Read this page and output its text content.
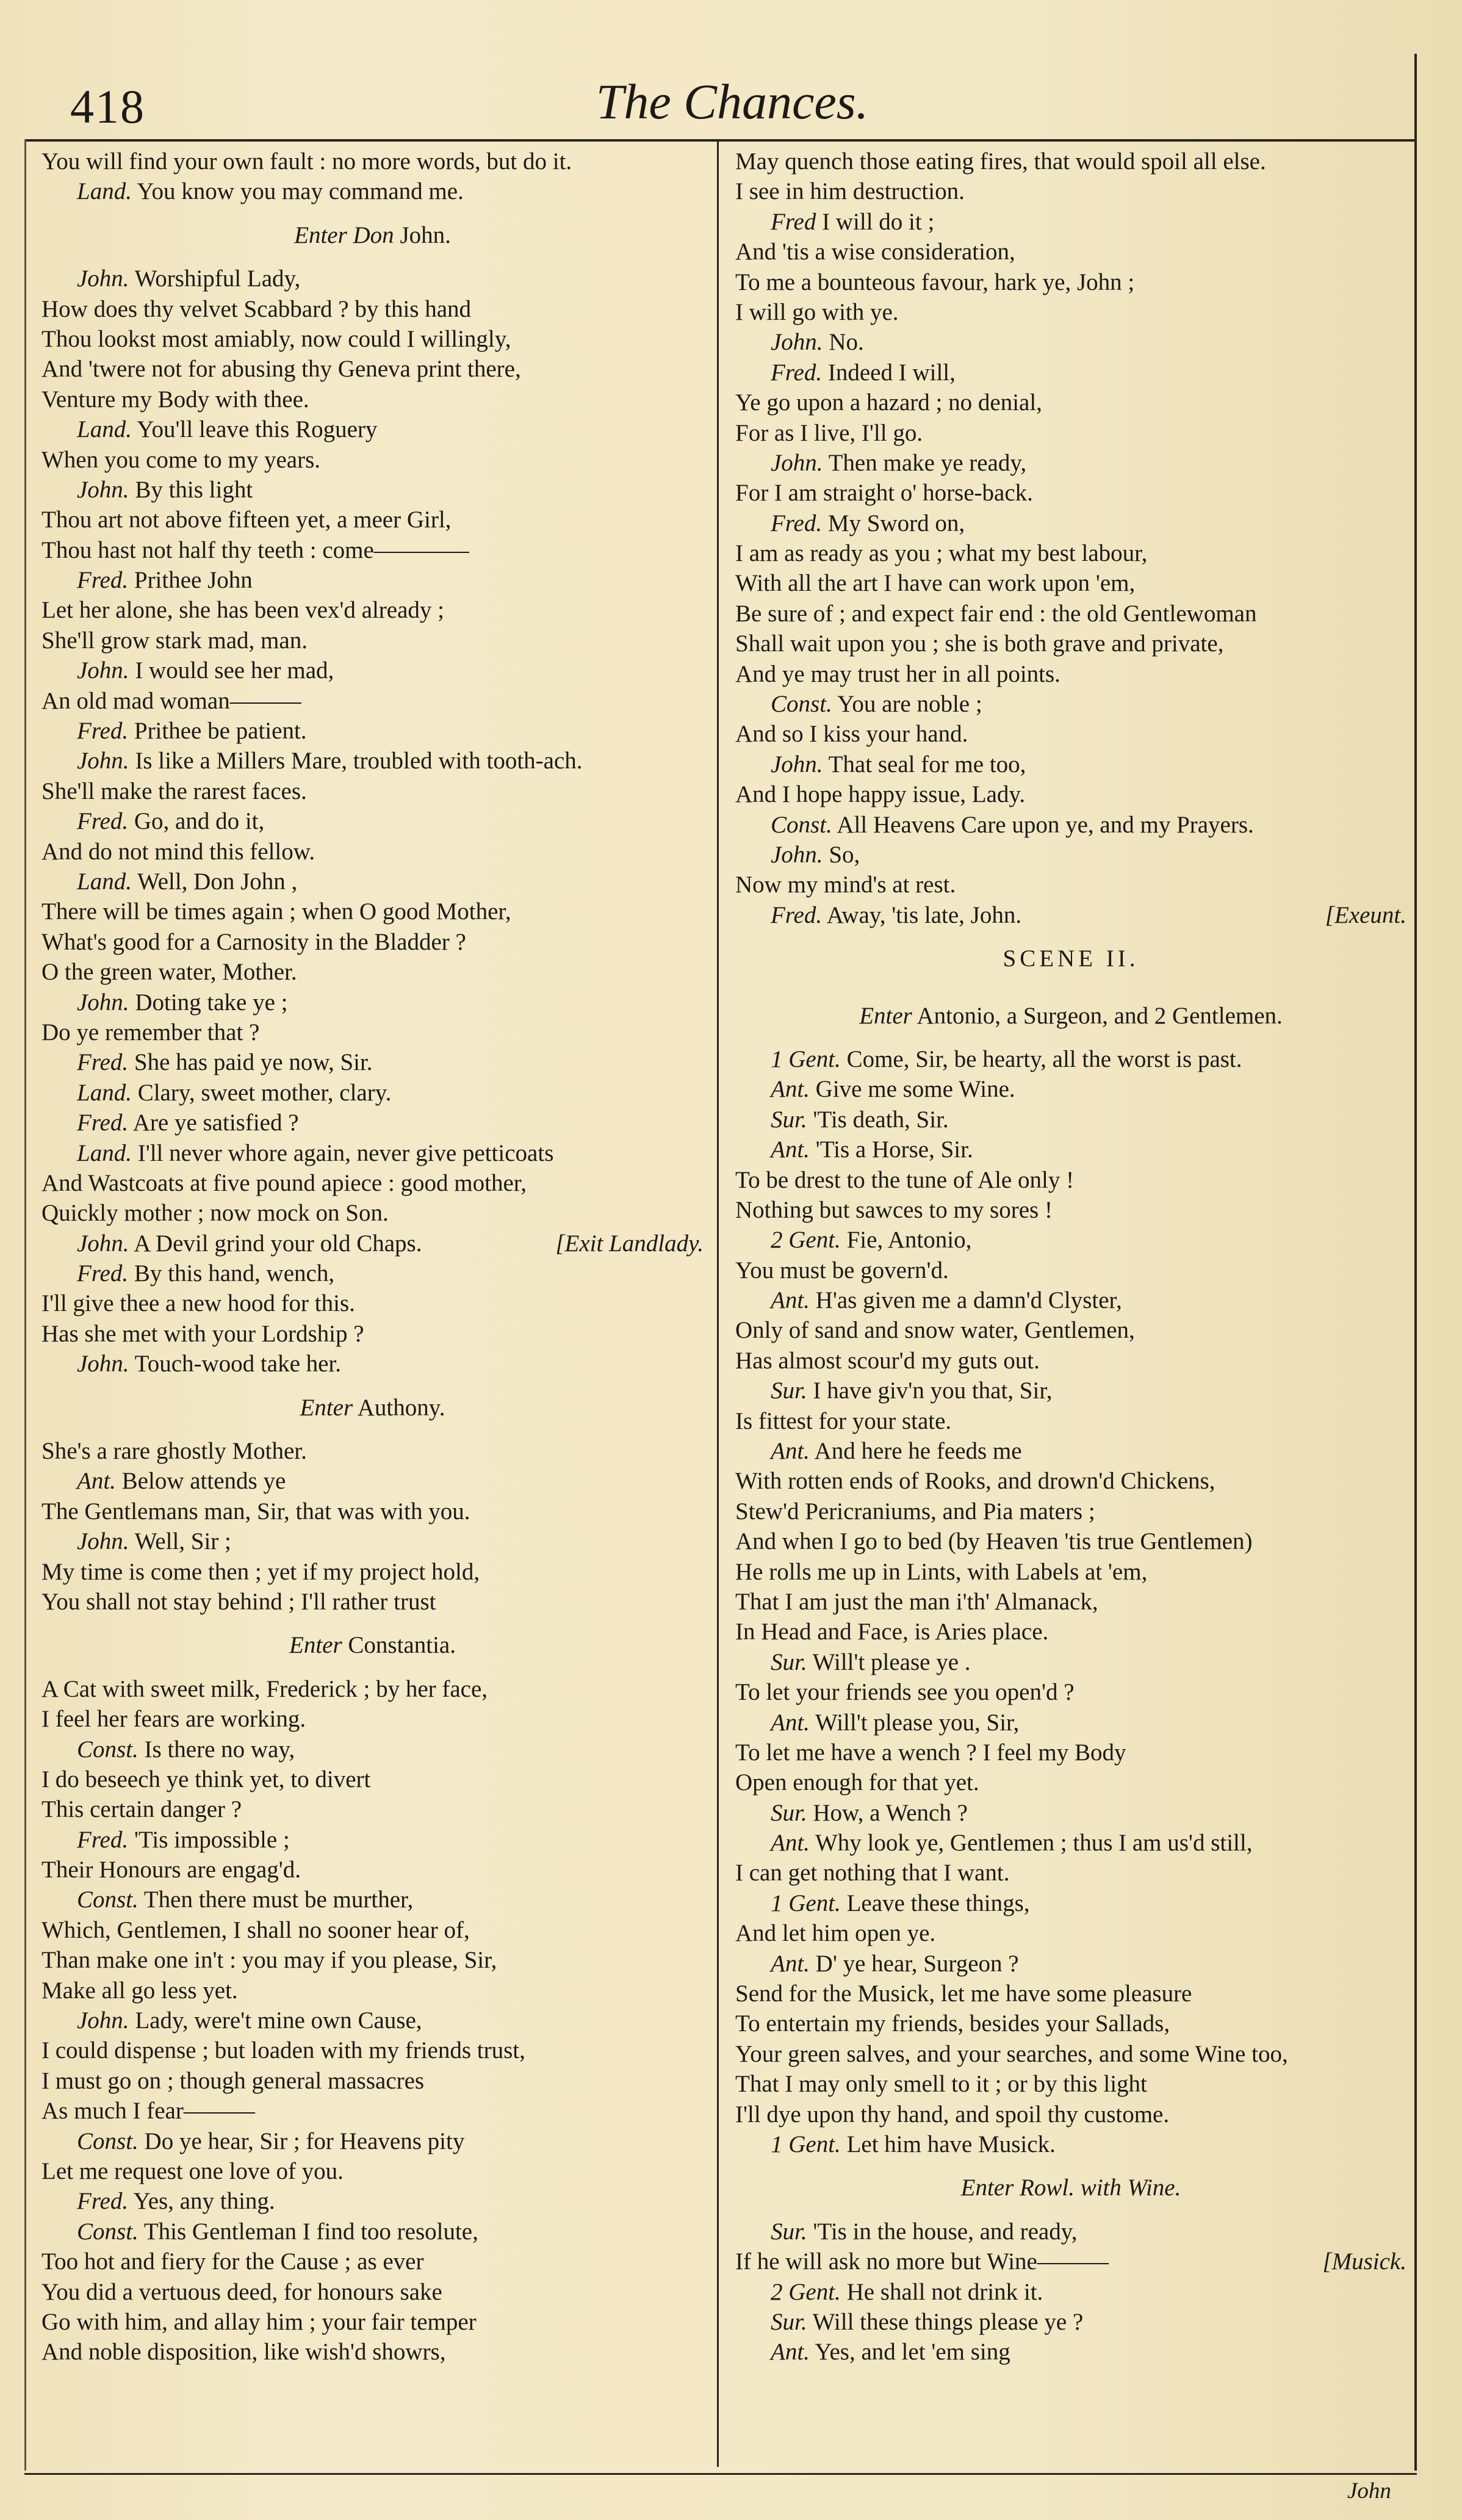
418	The Chances.
You will find your own fault : no more words, but do it.
Land. You know you may command me.
Enter Don John.
John. Worshipful Lady,
How does thy velvet Scabbard ? by this hand
Thou lookst most amiably, now could I willingly,
And 'twere not for abusing thy Geneva print there,
Venture my Body with thee.
Land. You'll leave this Roguery
When you come to my years.
John. By this light
Thou art not above fifteen yet, a meer Girl,
Thou hast not half thy teeth : come————
Fred. Prithee John
Let her alone, she has been vex'd already ;
She'll grow stark mad, man.
John. I would see her mad,
An old mad woman———
Fred. Prithee be patient.
John. Is like a Millers Mare, troubled with tooth-ach.
She'll make the rarest faces.
Fred. Go, and do it,
And do not mind this fellow.
Land. Well, Don John ,
There will be times again ; when O good Mother,
What's good for a Carnosity in the Bladder ?
O the green water, Mother.
John. Doting take ye ;
Do ye remember that ?
Fred. She has paid ye now, Sir.
Land. Clary, sweet mother, clary.
Fred. Are ye satisfied ?
Land. I'll never whore again, never give petticoats
And Wastcoats at five pound apiece : good mother,
Quickly mother ; now mock on Son.
John. A Devil grind your old Chaps.	[Exit Landlady.
Fred. By this hand, wench,
I'll give thee a new hood for this.
Has she met with your Lordship ?
John. Touch-wood take her.
Enter Authony.
She's a rare ghostly Mother.
Ant. Below attends ye
The Gentlemans man, Sir, that was with you.
John. Well, Sir ;
My time is come then ; yet if my project hold,
You shall not stay behind ; I'll rather trust
Enter Constantia.
A Cat with sweet milk, Frederick ; by her face,
I feel her fears are working.
Const. Is there no way,
I do beseech ye think yet, to divert
This certain danger ?
Fred. 'Tis impossible ;
Their Honours are engag'd.
Const. Then there must be murther,
Which, Gentlemen, I shall no sooner hear of,
Than make one in't : you may if you please, Sir,
Make all go less yet.
John. Lady, were't mine own Cause,
I could dispense ; but loaden with my friends trust,
I must go on ; though general massacres
As much I fear———
Const. Do ye hear, Sir ; for Heavens pity
Let me request one love of you.
Fred. Yes, any thing.
Const. This Gentleman I find too resolute,
Too hot and fiery for the Cause ; as ever
You did a vertuous deed, for honours sake
Go with him, and allay him ; your fair temper
And noble disposition, like wish'd showrs,
May quench those eating fires, that would spoil all else.
I see in him destruction.
Fred I will do it ;
And 'tis a wise consideration,
To me a bounteous favour, hark ye, John ;
I will go with ye.
John. No.
Fred. Indeed I will,
Ye go upon a hazard ; no denial,
For as I live, I'll go.
John. Then make ye ready,
For I am straight o' horse-back.
Fred. My Sword on,
I am as ready as you ; what my best labour,
With all the art I have can work upon 'em,
Be sure of ; and expect fair end : the old Gentlewoman
Shall wait upon you ; she is both grave and private,
And ye may trust her in all points.
Const. You are noble ;
And so I kiss your hand.
John. That seal for me too,
And I hope happy issue, Lady.
Const. All Heavens Care upon ye, and my Prayers.
John. So,
Now my mind's at rest.
Fred. Away, 'tis late, John.	[Exeunt.
SCENE II.
Enter Antonio, a Surgeon, and 2 Gentlemen.
1 Gent. Come, Sir, be hearty, all the worst is past.
Ant. Give me some Wine.
Sur. 'Tis death, Sir.
Ant. 'Tis a Horse, Sir.
To be drest to the tune of Ale only !
Nothing but sawces to my sores !
2 Gent. Fie, Antonio,
You must be govern'd.
Ant. H'as given me a damn'd Clyster,
Only of sand and snow water, Gentlemen,
Has almost scour'd my guts out.
Sur. I have giv'n you that, Sir,
Is fittest for your state.
Ant. And here he feeds me
With rotten ends of Rooks, and drown'd Chickens,
Stew'd Pericraniums, and Pia maters ;
And when I go to bed (by Heaven 'tis true Gentlemen)
He rolls me up in Lints, with Labels at 'em,
That I am just the man i'th' Almanack,
In Head and Face, is Aries place.
Sur. Will't please ye .
To let your friends see you open'd ?
Ant. Will't please you, Sir,
To let me have a wench ? I feel my Body
Open enough for that yet.
Sur. How, a Wench ?
Ant. Why look ye, Gentlemen ; thus I am us'd still,
I can get nothing that I want.
1 Gent. Leave these things,
And let him open ye.
Ant. D' ye hear, Surgeon ?
Send for the Musick, let me have some pleasure
To entertain my friends, besides your Sallads,
Your green salves, and your searches, and some Wine too,
That I may only smell to it ; or by this light
I'll dye upon thy hand, and spoil thy custome.
1 Gent. Let him have Musick.
Enter Rowl. with Wine.
Sur. 'Tis in the house, and ready,
If he will ask no more but Wine———	[Musick.
2 Gent. He shall not drink it.
Sur. Will these things please ye ?
Ant. Yes, and let 'em sing
John
